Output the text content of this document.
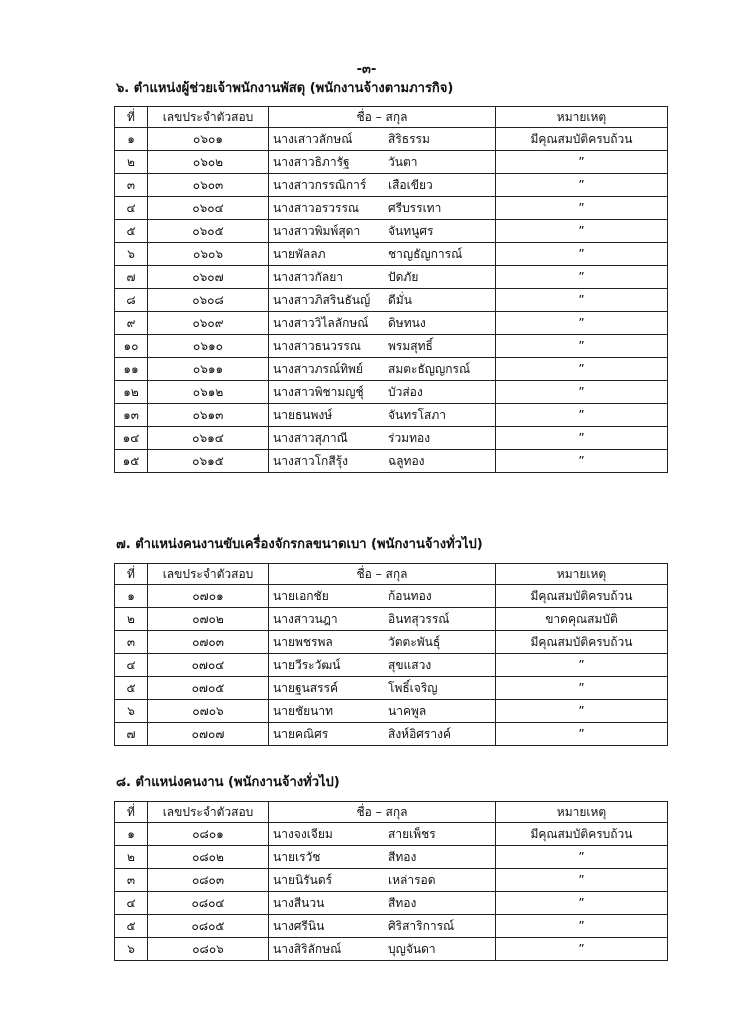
-๓-
๖. ตำแหน่งผู้ช่วยเจ้าพนักงานพัสดุ (พนักงานจ้างตามภารกิจ)
ที่	เลขประจำตัวสอบ	ชื่อ – สกุล	หมายเหตุ
๑	๐๖๐๑	นางเสาวลักษณ์ สิริธรรม	มีคุณสมบัติครบถ้วน
๒	๐๖๐๒	นางสาวธิภารัฐ วันตา	”
๓	๐๖๐๓	นางสาวกรรณิการ์ เสือเขียว	”
๔	๐๖๐๔	นางสาวอรวรรณ ศรีบรรเทา	”
๕	๐๖๐๕	นางสาวพิมพ์สุดา จันทนูศร	”
๖	๐๖๐๖	นายพัลลภ ชาญธัญการณ์	”
๗	๐๖๐๗	นางสาวกัลยา ปัดภัย	”
๘	๐๖๐๘	นางสาวภิสรินธันญ์ ดีมั่น	”
๙	๐๖๐๙	นางสาววิไลลักษณ์ ดิษทนง	”
๑๐	๐๖๑๐	นางสาวธนวรรณ พรมสุทธิ์	”
๑๑	๐๖๑๑	นางสาวภรณ์ทิพย์ สมตะธัญญกรณ์	”
๑๒	๐๖๑๒	นางสาวพิชามญชุ์ บัวส่อง	”
๑๓	๐๖๑๓	นายธนพงษ์ จันทรโสภา	”
๑๔	๐๖๑๔	นางสาวสุภาณี ร่วมทอง	”
๑๕	๐๖๑๕	นางสาวโกสีรุ้ง ฉลูทอง	”
๗. ตำแหน่งคนงานขับเครื่องจักรกลขนาดเบา (พนักงานจ้างทั่วไป)
ที่	เลขประจำตัวสอบ	ชื่อ – สกุล	หมายเหตุ
๑	๐๗๐๑	นายเอกชัย ก้อนทอง	มีคุณสมบัติครบถ้วน
๒	๐๗๐๒	นางสาวนฎา อินทสุวรรณ์	ขาดคุณสมบัติ
๓	๐๗๐๓	นายพชรพล วัตตะพันธุ์	มีคุณสมบัติครบถ้วน
๔	๐๗๐๔	นายวีระวัฒน์ สุขแสวง	”
๕	๐๗๐๕	นายฐนสรรค์ โพธิ์เจริญ	”
๖	๐๗๐๖	นายชัยนาท นาคพูล	”
๗	๐๗๐๗	นายคณิศร สิงห์อิศรางค์	”
๘. ตำแหน่งคนงาน (พนักงานจ้างทั่วไป)
ที่	เลขประจำตัวสอบ	ชื่อ – สกุล	หมายเหตุ
๑	๐๘๐๑	นางจงเจียม สายเพ็ชร	มีคุณสมบัติครบถ้วน
๒	๐๘๐๒	นายเรวัช สีทอง	”
๓	๐๘๐๓	นายนิรันดร์ เหล่ารอด	”
๔	๐๘๐๔	นางสีนวน สีทอง	”
๕	๐๘๐๕	นางศรีนิน ศิริสาริการณ์	”
๖	๐๘๐๖	นางสิริลักษณ์ บุญจันดา	”
